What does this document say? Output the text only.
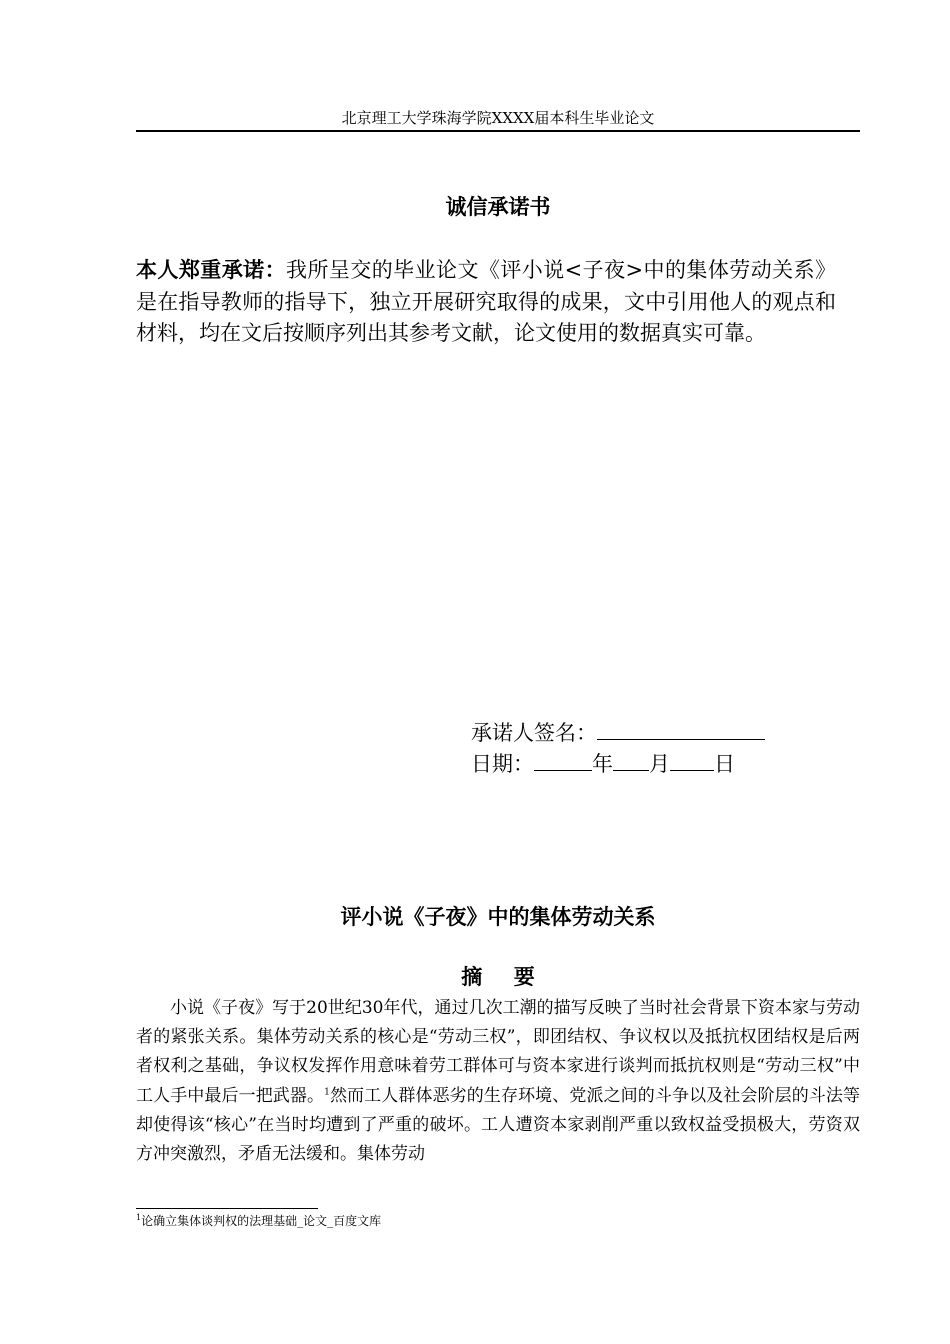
北京理工大学珠海学院XXXX届本科生毕业论文
诚信承诺书
本人郑重承诺：我所呈交的毕业论文《评小说<子夜>中的集体劳动关系》是在指导教师的指导下，独立开展研究取得的成果，文中引用他人的观点和材料，均在文后按顺序列出其参考文献，论文使用的数据真实可靠。
承诺人签名：
日期：	年 月 日
评小说《子夜》中的集体劳动关系
摘要
小说《子夜》写于20世纪30年代，通过几次工潮的描写反映了当时社会背景下资本家与劳动者的紧张关系。集体劳动关系的核心是“劳动三权”，即团结权、争议权以及抵抗权团结权是后两者权利之基础，争议权发挥作用意味着劳工群体可与资本家进行谈判而抵抗权则是“劳动三权”中工人手中最后一把武器。$^1$然而工人群体恶劣的生存环境、党派之间的斗争以及社会阶层的斗法等却使得该“核心”在当时均遭到了严重的破坏。工人遭资本家剥削严重以致权益受损极大，劳资双方冲突激烈，矛盾无法缓和。集体劳动
$^1$论确立集体谈判权的法理基础_论文_百度文库
